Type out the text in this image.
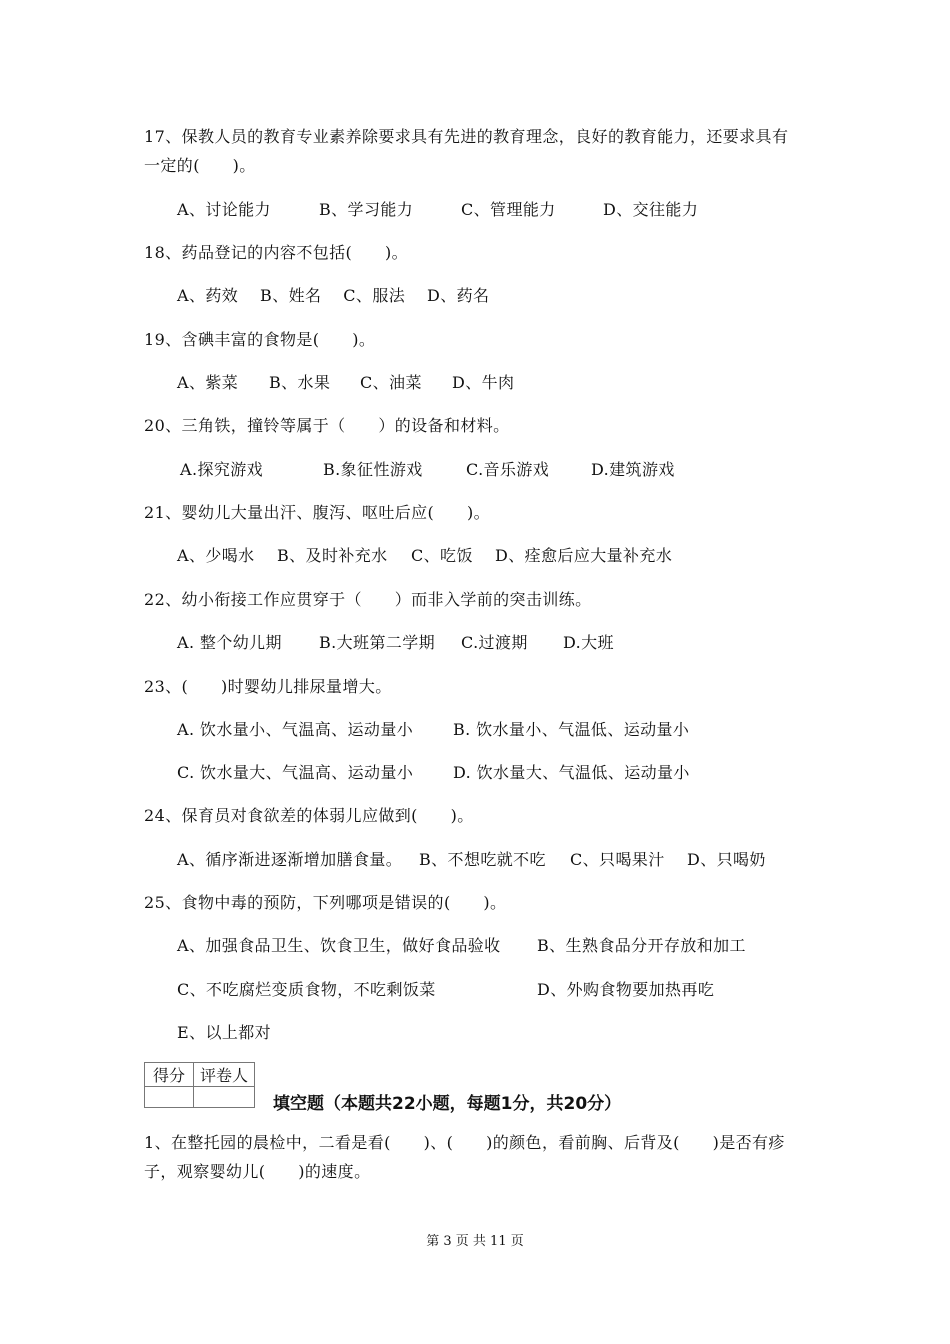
17、保教人员的教育专业素养除要求具有先进的教育理念，良好的教育能力，还要求具有
一定的(　　)。

A、讨论能力

	B、学习能力

	C、管理能力

	D、交往能力

18、药品登记的内容不包括(　　)。
A、药效　 B、姓名　 C、服法　 D、药名
19、含碘丰富的食物是(　　)。

A、紫菜

B、水果

C、油菜

D、牛肉

20、三角铁，撞铃等属于（　　）的设备和材料。

A.探究游戏

	B.象征性游戏

	C.音乐游戏

	D.建筑游戏

21、婴幼儿大量出汗、腹泻、呕吐后应(　　)。

A、少喝水

B、及时补充水

C、吃饭

D、痊愈后应大量补充水

22、幼小衔接工作应贯穿于（　　）而非入学前的突击训练。

A. 整个幼儿期

B.大班第二学期

C.过渡期

D.大班

23、(　　)时婴幼儿排尿量增大。

A. 饮水量小、气温高、运动量小

B. 饮水量小、气温低、运动量小

C. 饮水量大、气温高、运动量小

D. 饮水量大、气温低、运动量小

24、保育员对食欲差的体弱儿应做到(　　)。

A、循序渐进逐渐增加膳食量。

B、不想吃就不吃

C、只喝果汁

D、只喝奶

25、食物中毒的预防，下列哪项是错误的(　　)。

A、加强食品卫生、饮食卫生，做好食品验收

B、生熟食品分开存放和加工

C、不吃腐烂变质食物，不吃剩饭菜

	D、外购食物要加热再吃

E、以上都对
得分	评卷人

填空题（本题共22小题，每题1分，共20分）
1、在整托园的晨检中，二看是看(　　)、(　　)的颜色，看前胸、后背及(　　)是否有疹
子，观察婴幼儿(　　)的速度。
第 3 页 共 11 页
